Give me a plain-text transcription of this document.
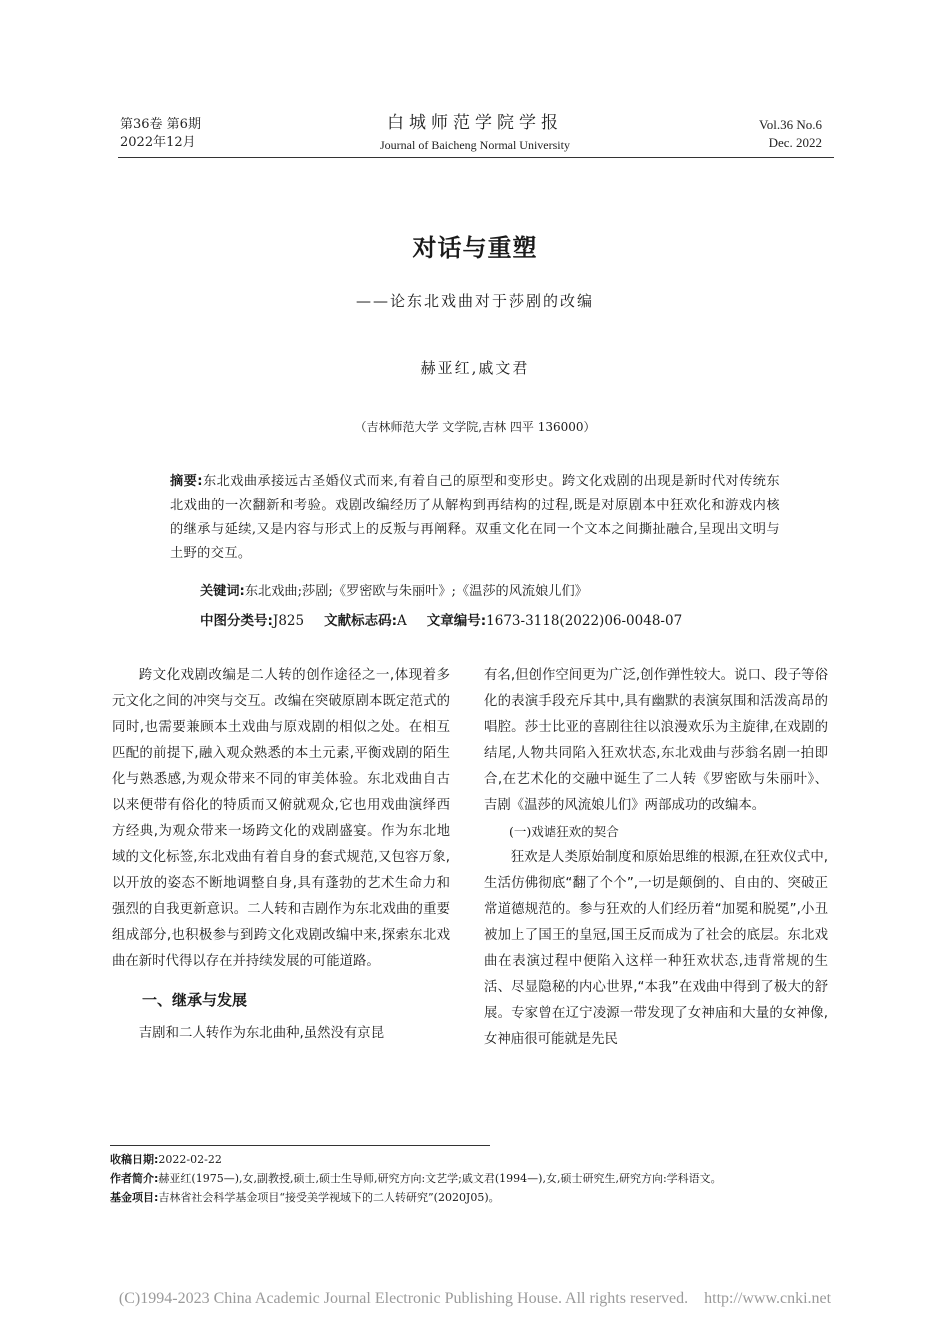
第36卷 第6期
2022年12月
白城师范学院学报
Journal of Baicheng Normal University
Vol.36 No.6
Dec. 2022
对话与重塑
——论东北戏曲对于莎剧的改编
赫亚红,戚文君
（吉林师范大学 文学院,吉林 四平 136000）
摘要:东北戏曲承接远古圣婚仪式而来,有着自己的原型和变形史。跨文化戏剧的出现是新时代对传统东北戏曲的一次翻新和考验。戏剧改编经历了从解构到再结构的过程,既是对原剧本中狂欢化和游戏内核的继承与延续,又是内容与形式上的反叛与再阐释。双重文化在同一个文本之间撕扯融合,呈现出文明与土野的交互。
关键词:东北戏曲;莎剧;《罗密欧与朱丽叶》;《温莎的风流娘儿们》
中图分类号:J825 文献标志码:A 文章编号:1673-3118(2022)06-0048-07

跨文化戏剧改编是二人转的创作途径之一,体现着多元文化之间的冲突与交互。改编在突破原剧本既定范式的同时,也需要兼顾本土戏曲与原戏剧的相似之处。在相互匹配的前提下,融入观众熟悉的本土元素,平衡戏剧的陌生化与熟悉感,为观众带来不同的审美体验。东北戏曲自古以来便带有俗化的特质而又俯就观众,它也用戏曲演绎西方经典,为观众带来一场跨文化的戏剧盛宴。作为东北地域的文化标签,东北戏曲有着自身的套式规范,又包容万象,以开放的姿态不断地调整自身,具有蓬勃的艺术生命力和强烈的自我更新意识。二人转和吉剧作为东北戏曲的重要组成部分,也积极参与到跨文化戏剧改编中来,探索东北戏曲在新时代得以存在并持续发展的可能道路。

一、继承与发展

吉剧和二人转作为东北曲种,虽然没有京昆

有名,但创作空间更为广泛,创作弹性较大。说口、段子等俗化的表演手段充斥其中,具有幽默的表演氛围和活泼高昂的唱腔。莎士比亚的喜剧往往以浪漫欢乐为主旋律,在戏剧的结尾,人物共同陷入狂欢状态,东北戏曲与莎翁名剧一拍即合,在艺术化的交融中诞生了二人转《罗密欧与朱丽叶》、吉剧《温莎的风流娘儿们》两部成功的改编本。

(一)戏谑狂欢的契合

狂欢是人类原始制度和原始思维的根源,在狂欢仪式中,生活仿佛彻底“翻了个个”,一切是颠倒的、自由的、突破正常道德规范的。参与狂欢的人们经历着“加冕和脱冕”,小丑被加上了国王的皇冠,国王反而成为了社会的底层。东北戏曲在表演过程中便陷入这样一种狂欢状态,违背常规的生活、尽显隐秘的内心世界,“本我”在戏曲中得到了极大的舒展。专家曾在辽宁凌源一带发现了女神庙和大量的女神像,女神庙很可能就是先民

收稿日期:2022-02-22
作者简介:赫亚红(1975—),女,副教授,硕士,硕士生导师,研究方向:文艺学;戚文君(1994—),女,硕士研究生,研究方向:学科语文。
基金项目:吉林省社会科学基金项目“接受美学视域下的二人转研究”(2020J05)。
(C)1994-2023 China Academic Journal Electronic Publishing House. All rights reserved.    http://www.cnki.net
